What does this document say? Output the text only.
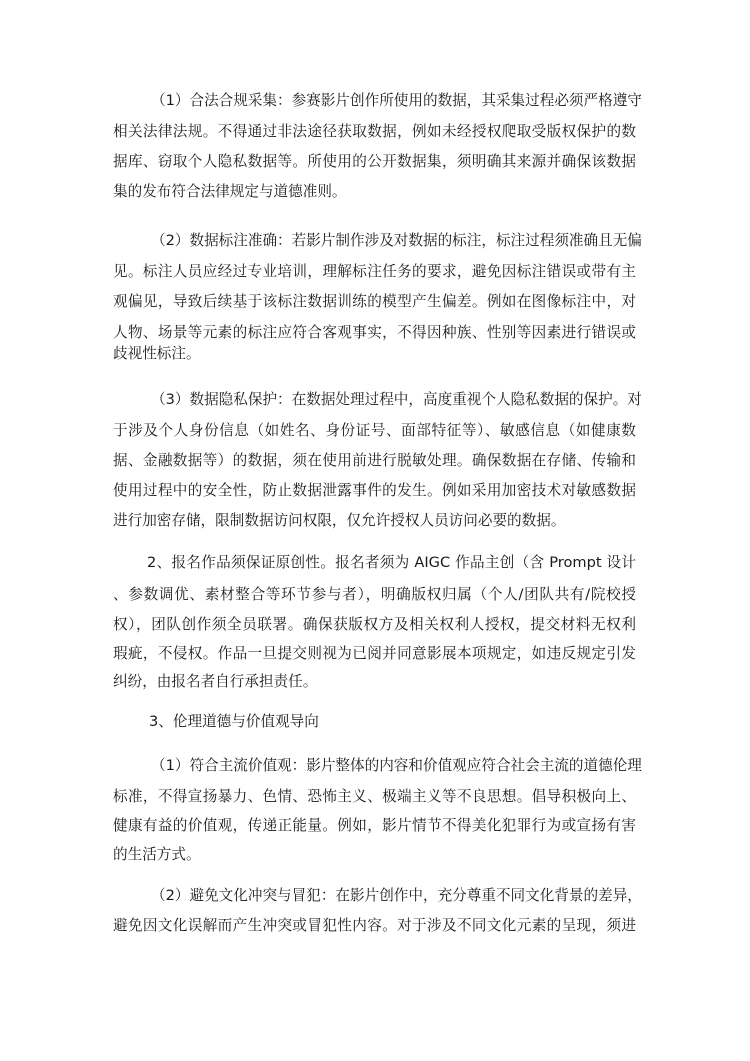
（1）合法合规采集：参赛影片创作所使用的数据，其采集过程必须严格遵守
相关法律法规。不得通过非法途径获取数据，例如未经授权爬取受版权保护的数
据库、窃取个人隐私数据等。所使用的公开数据集，须明确其来源并确保该数据
集的发布符合法律规定与道德准则。
（2）数据标注准确：若影片制作涉及对数据的标注，标注过程须准确且无偏
见。标注人员应经过专业培训，理解标注任务的要求，避免因标注错误或带有主
观偏见，导致后续基于该标注数据训练的模型产生偏差。例如在图像标注中，对
人物、场景等元素的标注应符合客观事实，不得因种族、性别等因素进行错误或
歧视性标注。
（3）数据隐私保护：在数据处理过程中，高度重视个人隐私数据的保护。对
于涉及个人身份信息（如姓名、身份证号、面部特征等）、敏感信息（如健康数
据、金融数据等）的数据，须在使用前进行脱敏处理。确保数据在存储、传输和
使用过程中的安全性，防止数据泄露事件的发生。例如采用加密技术对敏感数据
进行加密存储，限制数据访问权限，仅允许授权人员访问必要的数据。
2、报名作品须保证原创性。报名者须为 AIGC 作品主创（含 Prompt 设计
、参数调优、素材整合等环节参与者），明确版权归属（个人/团队共有/院校授
权），团队创作须全员联署。确保获版权方及相关权利人授权，提交材料无权利
瑕疵，不侵权。作品一旦提交则视为已阅并同意影展本项规定，如违反规定引发
纠纷，由报名者自行承担责任。
3、伦理道德与价值观导向
（1）符合主流价值观：影片整体的内容和价值观应符合社会主流的道德伦理
标准，不得宣扬暴力、色情、恐怖主义、极端主义等不良思想。倡导积极向上、
健康有益的价值观，传递正能量。例如，影片情节不得美化犯罪行为或宣扬有害
的生活方式。
（2）避免文化冲突与冒犯：在影片创作中，充分尊重不同文化背景的差异，
避免因文化误解而产生冲突或冒犯性内容。对于涉及不同文化元素的呈现，须进
